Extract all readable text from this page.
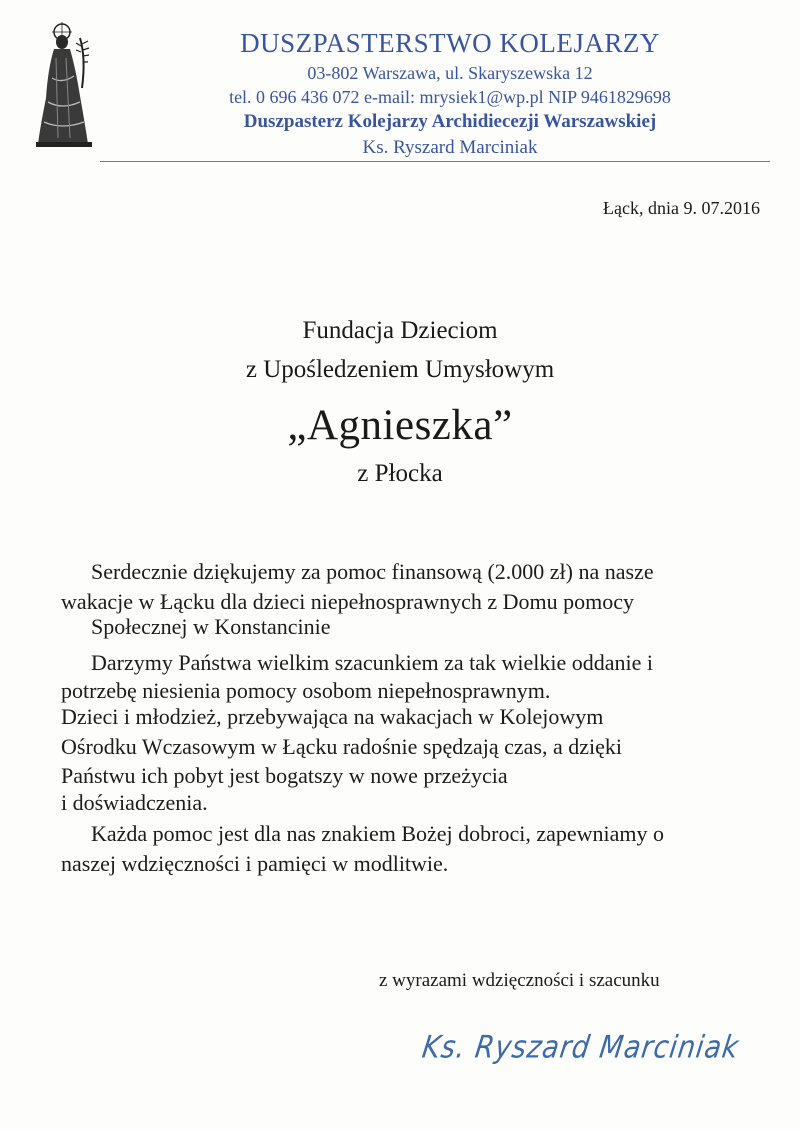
DUSZPASTERSTWO KOLEJARZY
03-802 Warszawa, ul. Skaryszewska 12
tel. 0 696 436 072 e-mail: mrysiek1@wp.pl NIP 9461829698
Duszpasterz Kolejarzy Archidiecezji Warszawskiej
Ks. Ryszard Marciniak
Łąck, dnia 9. 07.2016
Fundacja Dzieciom
z Upośledzeniem Umysłowym
„Agnieszka”
z Płocka
Serdecznie dziękujemy za pomoc finansową (2.000 zł) na nasze
wakacje w Łącku dla dzieci niepełnosprawnych z Domu pomocy
Społecznej w Konstancinie
Darzymy Państwa wielkim szacunkiem za tak wielkie oddanie i
potrzebę niesienia pomocy osobom niepełnosprawnym.
Dzieci i młodzież, przebywająca na wakacjach w Kolejowym
Ośrodku Wczasowym w Łącku radośnie spędzają czas, a dzięki
Państwu ich pobyt jest bogatszy w nowe przeżycia
i doświadczenia.
Każda pomoc jest dla nas znakiem Bożej dobroci, zapewniamy o
naszej wdzięczności i pamięci w modlitwie.
z wyrazami wdzięczności i szacunku
Ks. Ryszard Marciniak
